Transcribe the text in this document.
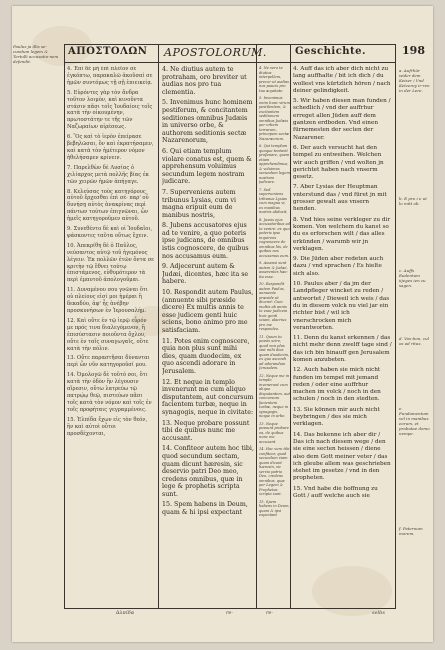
ΑΠΟΣΤΟΛΩΝ APOSTOLORUM.	Geschichte.	198
Paulus ja illis se-cundum legem & Tertulli accusatio-nem defendit.

4. Ἐπὶ δὲ μὴ ἐπὶ πλεῖον σε ἐγκόπτω, παρακαλῶ ἀκοῦσαί σε ἡμῶν συντόμως τῇ σῇ ἐπιεικείᾳ.

5. Εὑρόντες γὰρ τὸν ἄνδρα τοῦτον λοιμὸν, καὶ κινοῦντα στάσιν πᾶσι τοῖς Ἰουδαίοις τοῖς κατὰ τὴν οἰκουμένην, πρωτοστάτην τε τῆς τῶν Ναζωραίων αἱρέσεως.

6. Ὃς καὶ τὸ ἱερὸν ἐπείρασε βεβηλῶσαι, ὃν καὶ ἐκρατήσαμεν, καὶ κατὰ τὸν ἡμέτερον νόμον ἠθελήσαμεν κρίνειν.

7. Παρελθὼν δὲ Λυσίας ὁ χιλίαρχος μετὰ πολλῆς βίας ἐκ τῶν χειρῶν ἡμῶν ἀπήγαγε.

8. Κελεύσας τοὺς κατηγόρους αὐτοῦ ἔρχεσθαι ἐπὶ σέ· παρ' οὗ δυνήσῃ αὐτὸς ἀνακρίνας περὶ πάντων τούτων ἐπιγνῶναι, ὧν ἡμεῖς κατηγοροῦμεν αὐτοῦ.

9. Συνεθέντο δὲ καὶ οἱ Ἰουδαῖοι, φάσκοντες ταῦτα οὕτως ἔχειν.

10. Ἀπεκρίθη δὲ ὁ Παῦλος, νεύσαντος αὐτῷ τοῦ ἡγεμόνος λέγειν. Ἐκ πολλῶν ἐτῶν ὄντα σε κριτὴν τῷ ἔθνει τούτῳ ἐπιστάμενος, εὐθυμότερον τὰ περὶ ἐμαυτοῦ ἀπολογοῦμαι.

11. Δυναμένου σου γνῶναι ὅτι οὐ πλείους εἰσί μοι ἡμέραι ἢ δεκαδύο, ἀφ' ἧς ἀνέβην προσκυνήσων ἐν Ἱερουσαλήμ.

12. Καὶ οὔτε ἐν τῷ ἱερῷ εὗρόν με πρός τινα διαλεγόμενον, ἢ ἐπισύστασιν ποιοῦντα ὄχλου, οὔτε ἐν ταῖς συναγωγαῖς, οὔτε κατὰ τὴν πόλιν.

13. Οὔτε παραστῆσαι δύνανται περὶ ὧν νῦν κατηγοροῦσί μου.

14. Ὁμολογῶ δὲ τοῦτό σοι, ὅτι κατὰ τὴν ὁδὸν ἣν λέγουσιν αἵρεσιν, οὕτω λατρεύω τῷ πατρῴῳ θεῷ, πιστεύων πᾶσι τοῖς κατὰ τὸν νόμον καὶ τοῖς ἐν τοῖς προφήταις γεγραμμένοις.

15. Ἐλπίδα ἔχων εἰς τὸν θεόν, ἣν καὶ αὐτοὶ οὗτοι προσδέχονται,

4. Ne diutius autem te protraham, oro breviter ut audias nos pro tua clementia.

5. Invenimus hunc hominem pestiferum, & concitantem seditiones omnibus Judæis in universo orbe, & authorem seditionis sectæ Nazarenorum,

6. Qui etiam templum violare conatus est, quem & apprehensum voluimus secundum legem nostram judicare.

7. Superveniens autem tribunus Lysias, cum vi magna eripuit eum de manibus nostris,

8. Jubens accusatores ejus ad te venire, a quo poteris ipse judicans, de omnibus istis cognoscere, de quibus nos accusamus eum.

9. Adjecerunt autem & Judæi, dicentes, hæc ita se habere.

10. Respondit autem Paulus, (annuente sibi præside dicere) Ex multis annis te esse judicem genti huic sciens, bono animo pro me satisfaciam.

11. Potes enim cognoscere, quia non plus sunt mihi dies, quam duodecim, ex quo ascendi adorare in Jerusalem.

12. Et neque in templo invenerunt me cum aliquo disputantem, aut concursum facientem turbæ, neque in synagogis, neque in civitate:

13. Neque probare possunt tibi de quibus nunc me accusant.

14. Confiteor autem hoc tibi, quod secundum sectam, quam dicunt hæresin, sic deservio patri Deo meo, credens omnibus, quæ in lege & prophetis scripta sunt.

15. Spem habens in Deum, quam & hi ipsi expectant

4. Ne vero te diutius interpellem, precor ut audias nos paucis pro tua æquitate.

5. Invenimus enim hunc virum pestilentem, & excitantem seditionem omnibus Judæis per orbem terrarum, principem sectæ Nazaræorum.

6. Qui templum quoque tentavit profanare, quem etiam apprehendimus, & voluimus secundum legem nostram judicare.

7. Sed superveniens tribunus Lysias cum magna vi, ex manibus nostris abduxit,

8. Jussis ejus accusatoribus ad te venire: ex quo poteris ipse inquirens cognoscere de omnibus his, de quibus nos accusamus eum.

9. Assensi sunt autem & Judæi, asserentes hæc ita esse.

10. Respondit autem Paulus, annuente præside ut diceret: Cum multis ab annis te esse judicem huic genti sciam, alacrius pro me respondeo.

11. Quum tu possis scire, quod non plus sint mihi dies quam duodecim, ex quo ascendi ad adorandum Jerusalem.

12. Neque me in templo invenerunt cum aliquo disputantem, aut concursum facientem turbæ, neque in synagogis, neque in urbe.

13. Neque possunt probare ea, de quibus nunc me accusant.

14. Hoc vero tibi confiteor, quod secundum viam quam dicunt hæresin, sic servio patrio Deo, credens omnibus, quæ per Legem & Prophetas scripta sunt.

15. Spem habens in Deum, quam & ipsi expectant

4. Auff das ich aber dich nicht zu lang auffhalte / bit ich dich / du wollest vns kürtzlich hören / nach deiner gelindigkeit.

5. Wir haben diesen man funden / schedlich / vnd der auffrhur erreget allen Jüden auff dem gantzen erdboden. Vnd einen fürnemesten der secten der Nazarener.

6. Der auch versucht hat den tempel zu entweihen. Welchen wir auch griffen / vnd wolten jn gerichtet haben nach vnserm gesetz.

7. Aber Lysias der Heuptman vnterstund das / vnd füret jn mit grosser gewalt aus vnsern henden.

8. Vnd hies seine verkleger zu dir komen. Von welchem du kanst so du es erforschen wilt / das alles erkünden / warumb wir jn verklagen.

9. Die Jüden aber redeten auch dazu / vnd sprachen / Es hielte sich also.

10. Paulus aber / da jm der Landpfleger wincket zu reden / antwortet / Dieweil ich weis / das du in diesem volck nu viel jar ein richter bist / wil ich vnerschrocken mich verantworten.

11. Denn du kanst erkennen / das nicht mehr denn zwelff tage sind / das ich bin hinauff gen Jerusalem komen anzubeten.

12. Auch haben sie mich nicht funden im tempel mit jemand reden / oder eine auffrhur machen im volck / noch in den schulen / noch in den stedten.

13. Sie können mir auch nicht beybringen / des sie mich verklagen.

14. Das bekenne ich aber dir / Das ich nach diesem wege / den sie eine secten heissen / diene also dem Gott meiner veter / das ich gleube allem was geschrieben stehet im gesetze / vnd in den propheten.

15. Vnd habe die hoffnung zu Gott / auff welche auch sie

a. Aufrhür wider dem Keiser / Vnd Ketzerey ir-ren in der Lere.
b. E pro i e ut lo mitt ob.
c. Auffs Eudentum iijeges ien zu sagen.
d. Vos-tion, cul os ad ritus.
e. Fundamentum vel in manibus eorum, et probatae domo nempe.
f. Paternum morem.
ἀλπίδα	re-	re-	selbs
